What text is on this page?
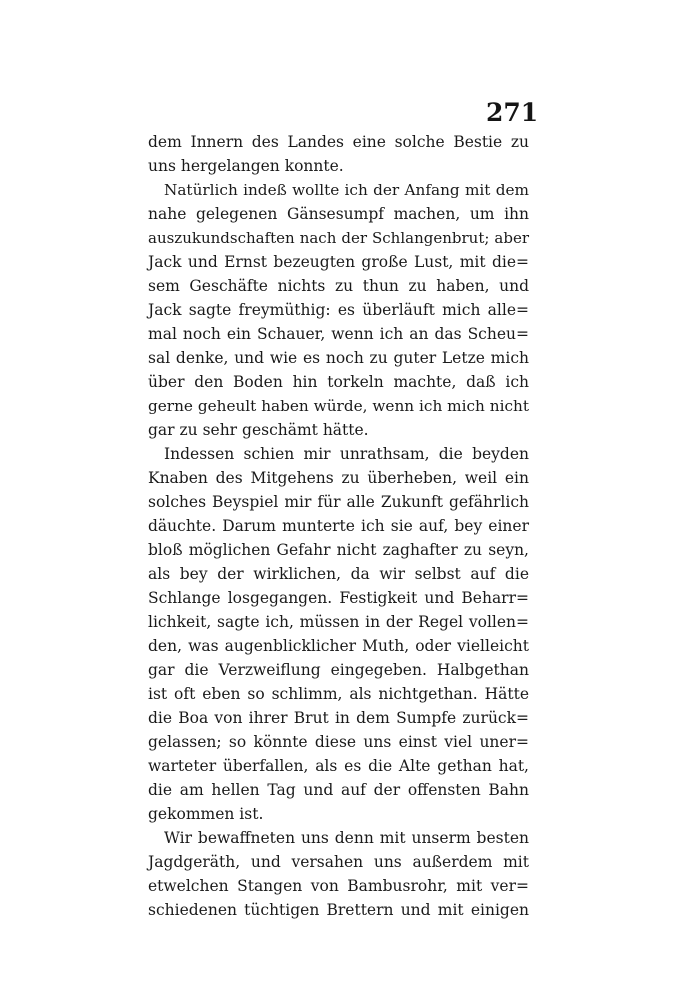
271
dem Innern des Landes eine solche Bestie zu
uns hergelangen konnte.
Natürlich indeß wollte ich der Anfang mit dem
nahe gelegenen Gänsesumpf machen, um ihn
auszukundschaften nach der Schlangenbrut; aber
Jack und Ernst bezeugten große Lust, mit die=
sem Geschäfte nichts zu thun zu haben, und
Jack sagte freymüthig: es überläuft mich alle=
mal noch ein Schauer, wenn ich an das Scheu=
sal denke, und wie es noch zu guter Letze mich
über den Boden hin torkeln machte, daß ich
gerne geheult haben würde, wenn ich mich nicht
gar zu sehr geschämt hätte.
Indessen schien mir unrathsam, die beyden
Knaben des Mitgehens zu überheben, weil ein
solches Beyspiel mir für alle Zukunft gefährlich
däuchte. Darum munterte ich sie auf, bey einer
bloß möglichen Gefahr nicht zaghafter zu seyn,
als bey der wirklichen, da wir selbst auf die
Schlange losgegangen. Festigkeit und Beharr=
lichkeit, sagte ich, müssen in der Regel vollen=
den, was augenblicklicher Muth, oder vielleicht
gar die Verzweiflung eingegeben. Halbgethan
ist oft eben so schlimm, als nichtgethan. Hätte
die Boa von ihrer Brut in dem Sumpfe zurück=
gelassen; so könnte diese uns einst viel uner=
warteter überfallen, als es die Alte gethan hat,
die am hellen Tag und auf der offensten Bahn
gekommen ist.
Wir bewaffneten uns denn mit unserm besten
Jagdgeräth, und versahen uns außerdem mit
etwelchen Stangen von Bambusrohr, mit ver=
schiedenen tüchtigen Brettern und mit einigen
